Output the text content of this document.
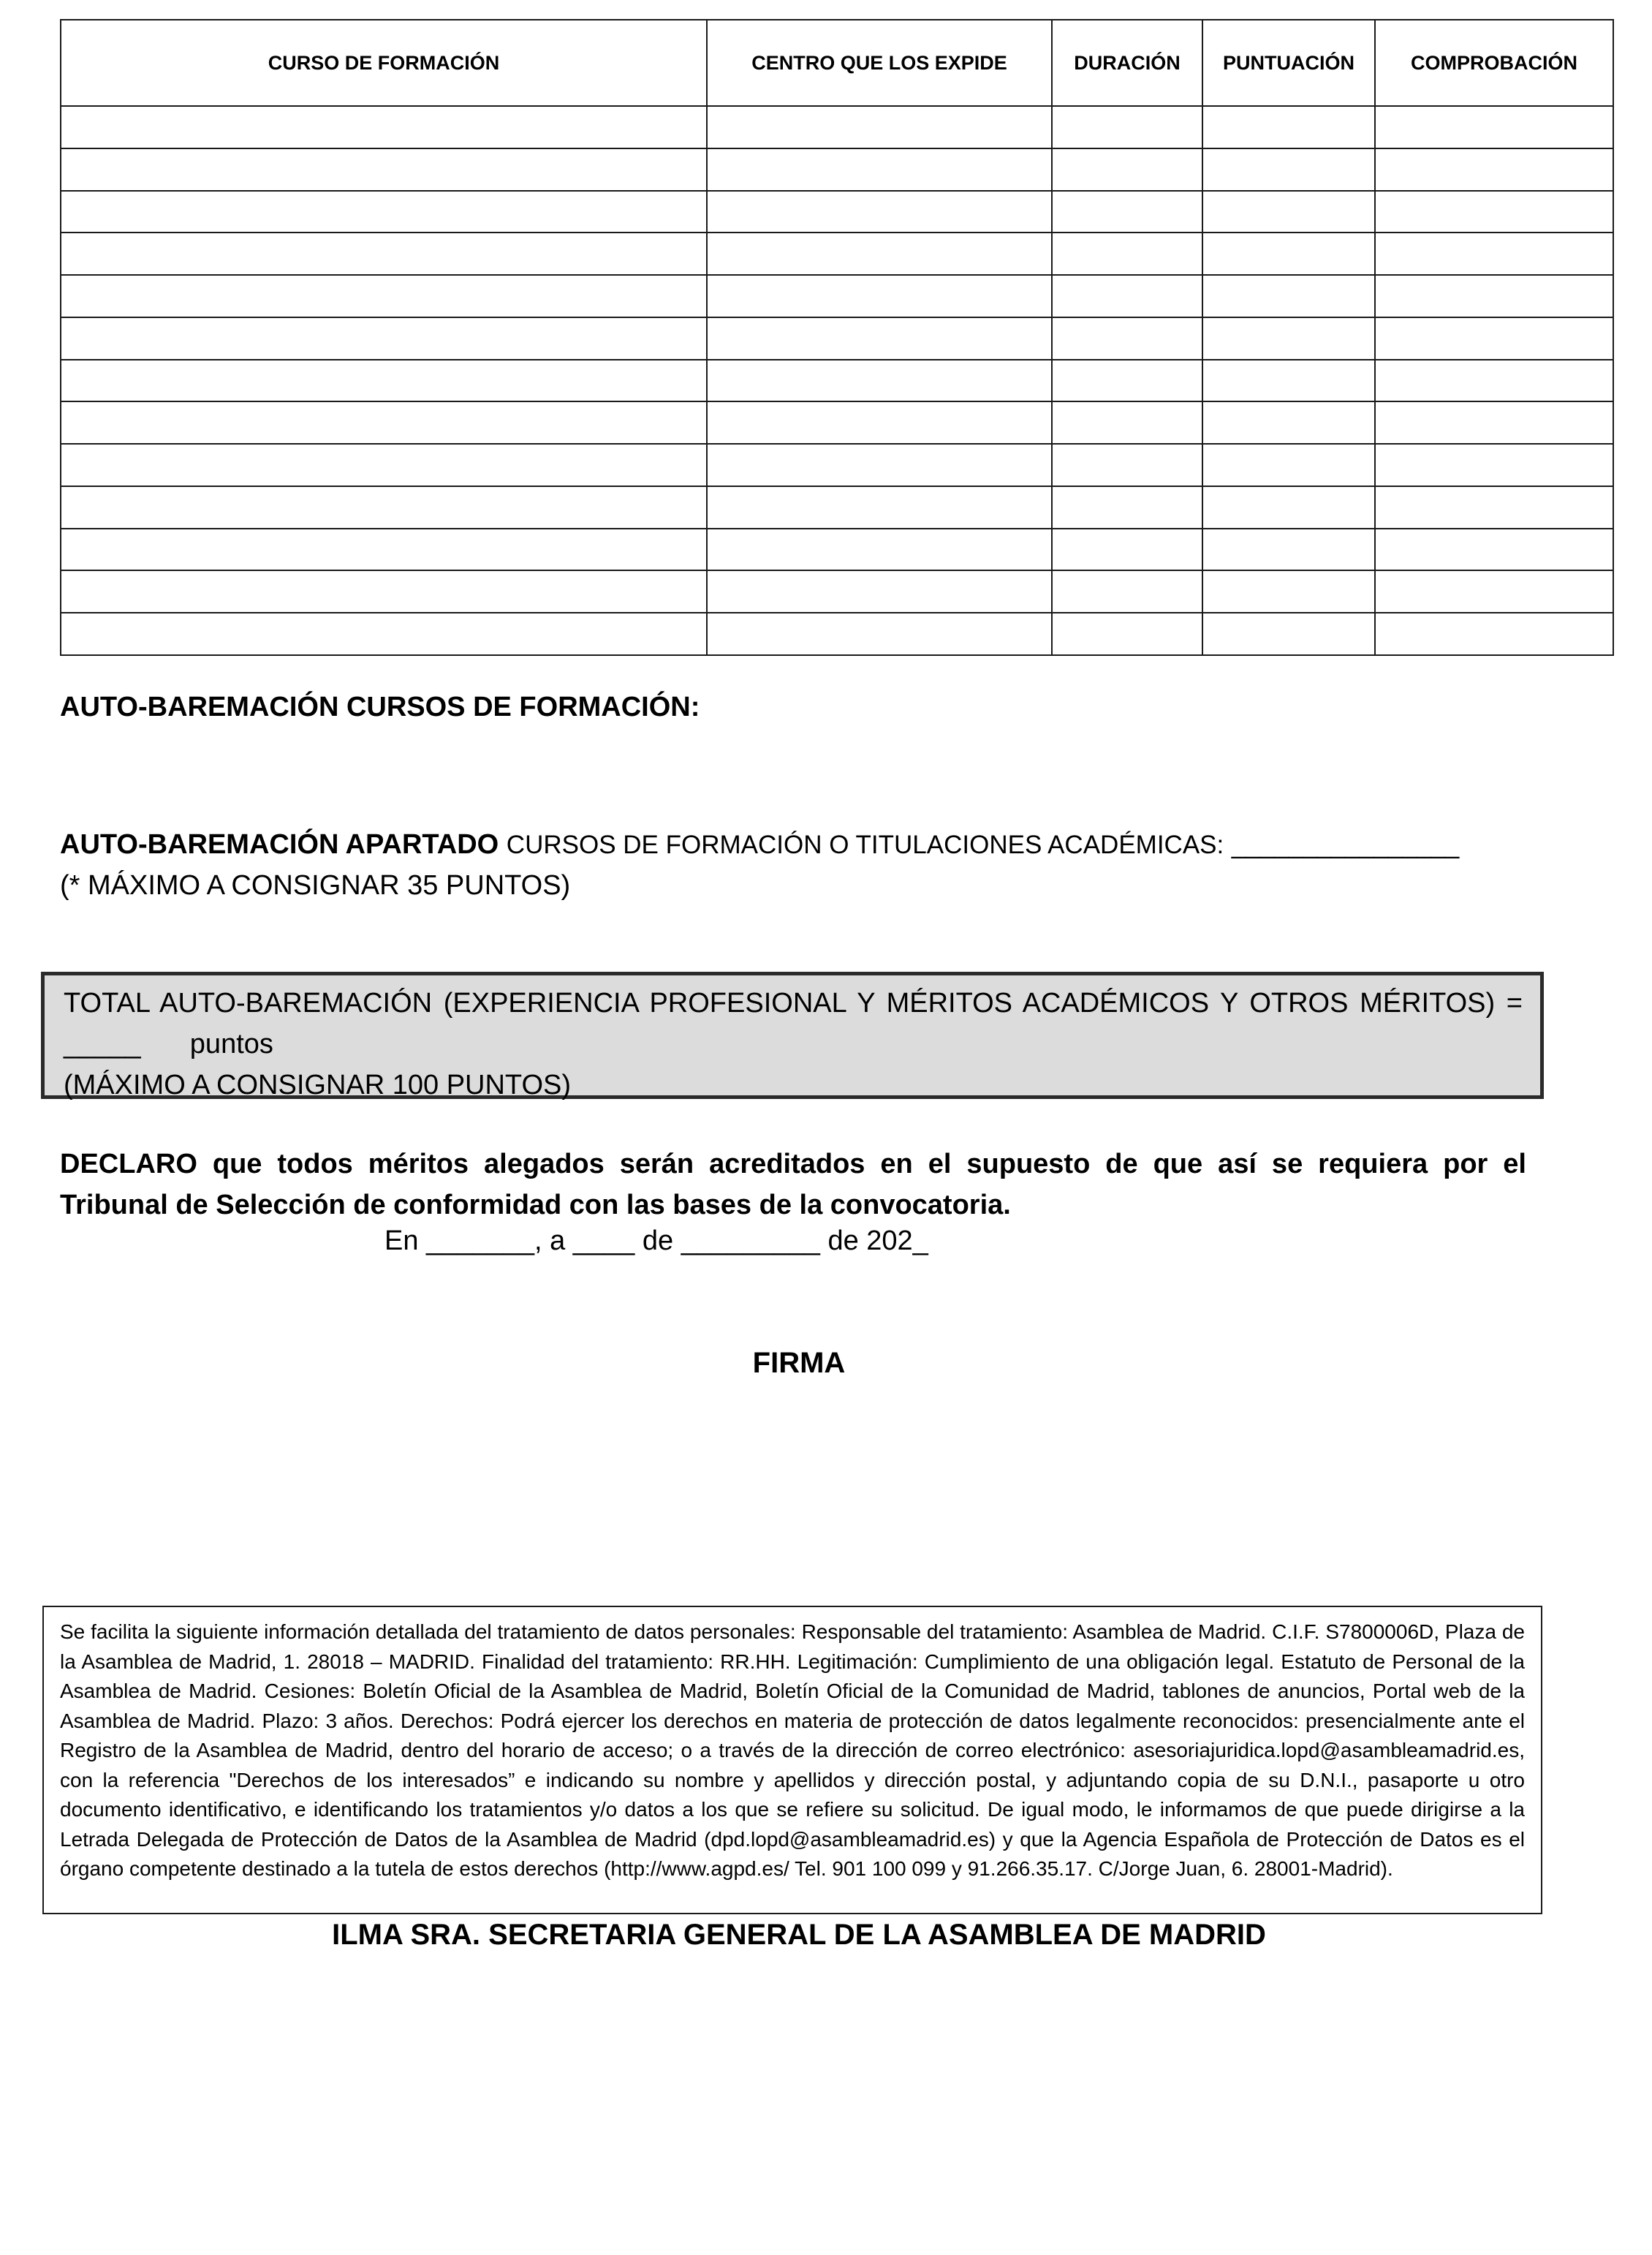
CURSO DE FORMACIÓN	CENTRO QUE LOS EXPIDE	DURACIÓN	PUNTUACIÓN	COMPROBACIÓN

AUTO-BAREMACIÓN CURSOS DE FORMACIÓN:
AUTO-BAREMACIÓN APARTADO CURSOS DE FORMACIÓN O TITULACIONES ACADÉMICAS: ________________
(* MÁXIMO A CONSIGNAR 35 PUNTOS)
TOTAL AUTO-BAREMACIÓN (EXPERIENCIA PROFESIONAL Y MÉRITOS ACADÉMICOS Y OTROS MÉRITOS) =
_____ puntos
(MÁXIMO A CONSIGNAR 100 PUNTOS)
DECLARO que todos méritos alegados serán acreditados en el supuesto de que así se requiera por el
Tribunal de Selección de conformidad con las bases de la convocatoria.
En _______, a ____ de _________ de 202_
FIRMA
Se facilita la siguiente información detallada del tratamiento de datos personales: Responsable del tratamiento: Asamblea de Madrid. C.I.F. S7800006D, Plaza de la Asamblea de Madrid, 1. 28018 – MADRID. Finalidad del tratamiento: RR.HH. Legitimación: Cumplimiento de una obligación legal. Estatuto de Personal de la Asamblea de Madrid. Cesiones: Boletín Oficial de la Asamblea de Madrid, Boletín Oficial de la Comunidad de Madrid, tablones de anuncios, Portal web de la Asamblea de Madrid. Plazo: 3 años. Derechos: Podrá ejercer los derechos en materia de protección de datos legalmente reconocidos: presencialmente ante el Registro de la Asamblea de Madrid, dentro del horario de acceso; o a través de la dirección de correo electrónico: asesoriajuridica.lopd@asambleamadrid.es, con la referencia "Derechos de los interesados” e indicando su nombre y apellidos y dirección postal, y adjuntando copia de su D.N.I., pasaporte u otro documento identificativo, e identificando los tratamientos y/o datos a los que se refiere su solicitud. De igual modo, le informamos de que puede dirigirse a la Letrada Delegada de Protección de Datos de la Asamblea de Madrid (dpd.lopd@asambleamadrid.es) y que la Agencia Española de Protección de Datos es el órgano competente destinado a la tutela de estos derechos (http://www.agpd.es/ Tel. 901 100 099 y 91.266.35.17. C/Jorge Juan, 6. 28001-Madrid).
ILMA SRA. SECRETARIA GENERAL DE LA ASAMBLEA DE MADRID
